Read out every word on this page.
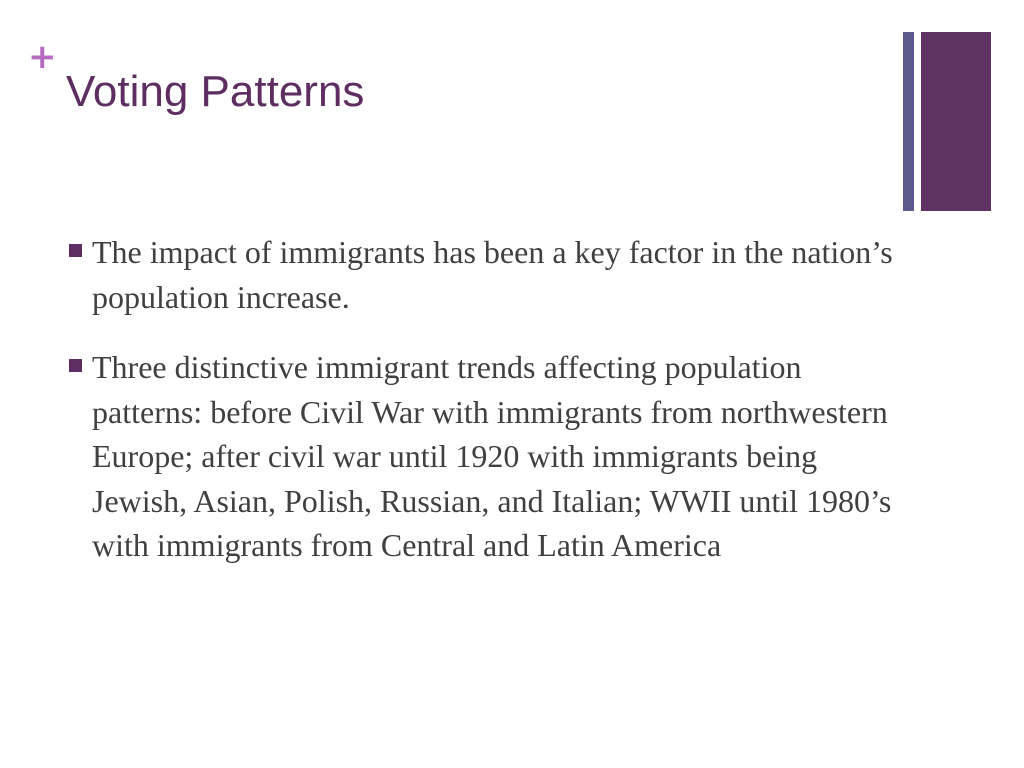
+
Voting Patterns
The impact of immigrants has been a key factor in the nation’s population increase.
Three distinctive immigrant trends affecting population patterns: before Civil War with immigrants from northwestern Europe; after civil war until 1920 with immigrants being Jewish, Asian, Polish, Russian, and Italian; WWII until 1980’s with immigrants from Central and Latin America
